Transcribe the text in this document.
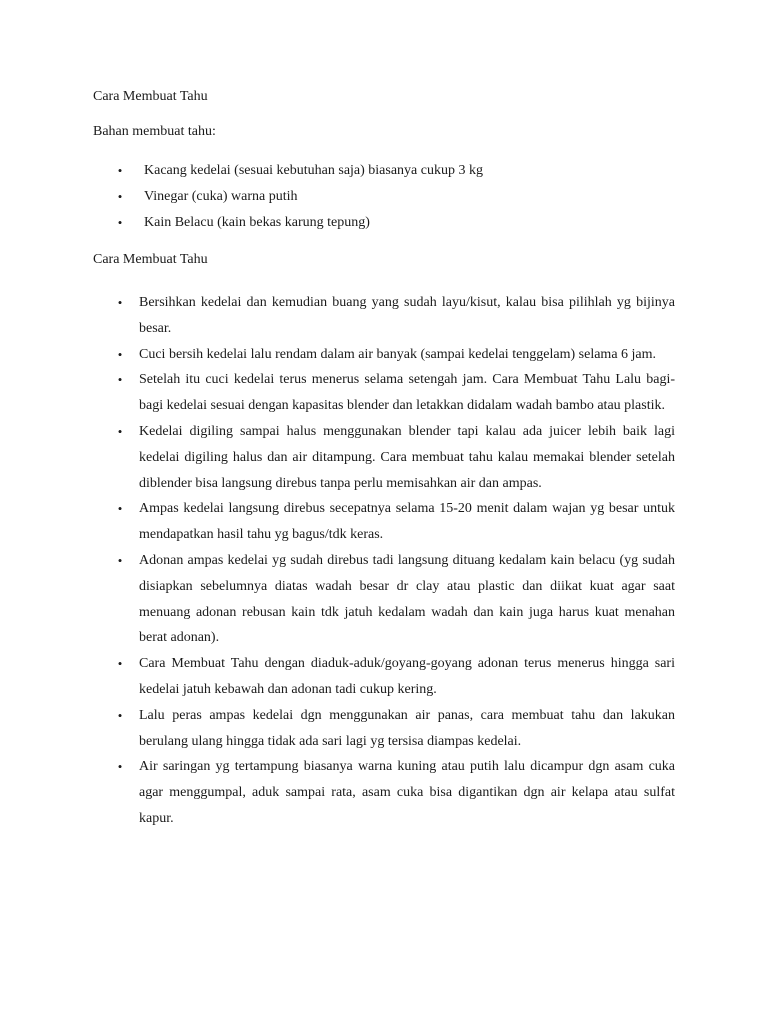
Cara Membuat Tahu

Bahan membuat tahu:

• Kacang kedelai (sesuai kebutuhan saja) biasanya cukup 3 kg
• Vinegar (cuka) warna putih
• Kain Belacu (kain bekas karung tepung)

Cara Membuat Tahu

• Bersihkan kedelai dan kemudian buang yang sudah layu/kisut, kalau bisa pilihlah yg bijinya besar.
• Cuci bersih kedelai lalu rendam dalam air banyak (sampai kedelai tenggelam) selama 6 jam.
• Setelah itu cuci kedelai terus menerus selama setengah jam. Cara Membuat Tahu Lalu bagi-bagi kedelai sesuai dengan kapasitas blender dan letakkan didalam wadah bambo atau plastik.
• Kedelai digiling sampai halus menggunakan blender tapi kalau ada juicer lebih baik lagi kedelai digiling halus dan air ditampung. Cara membuat tahu kalau memakai blender setelah diblender bisa langsung direbus tanpa perlu memisahkan air dan ampas.
• Ampas kedelai langsung direbus secepatnya selama 15-20 menit dalam wajan yg besar untuk mendapatkan hasil tahu yg bagus/tdk keras.
• Adonan ampas kedelai yg sudah direbus tadi langsung dituang kedalam kain belacu (yg sudah disiapkan sebelumnya diatas wadah besar dr clay atau plastic dan diikat kuat agar saat menuang adonan rebusan kain tdk jatuh kedalam wadah dan kain juga harus kuat menahan berat adonan).
• Cara Membuat Tahu dengan diaduk-aduk/goyang-goyang adonan terus menerus hingga sari kedelai jatuh kebawah dan adonan tadi cukup kering.
• Lalu peras ampas kedelai dgn menggunakan air panas, cara membuat tahu dan lakukan berulang ulang hingga tidak ada sari lagi yg tersisa diampas kedelai.
• Air saringan yg tertampung biasanya warna kuning atau putih lalu dicampur dgn asam cuka agar menggumpal, aduk sampai rata, asam cuka bisa digantikan dgn air kelapa atau sulfat kapur.
